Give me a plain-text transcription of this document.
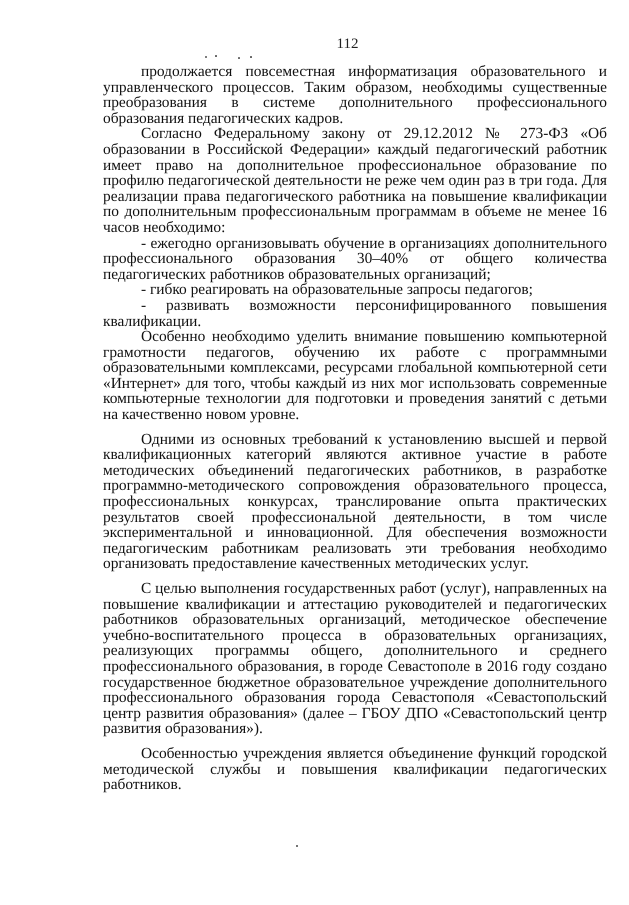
112

продолжается повсеместная информатизация образовательного и управленческого процессов. Таким образом, необходимы существенные преобразования в системе дополнительного профессионального образования педагогических кадров.

Согласно Федеральному закону от 29.12.2012 № 273-ФЗ «Об образовании в Российской Федерации» каждый педагогический работник имеет право на дополнительное профессиональное образование по профилю педагогической деятельности не реже чем один раз в три года. Для реализации права педагогического работника на повышение квалификации по дополнительным профессиональным программам в объеме не менее 16 часов необходимо:

- ежегодно организовывать обучение в организациях дополнительного профессионального образования 30–40% от общего количества педагогических работников образовательных организаций;

- гибко реагировать на образовательные запросы педагогов;

- развивать возможности персонифицированного повышения квалификации.

Особенно необходимо уделить внимание повышению компьютерной грамотности педагогов, обучению их работе с программными образовательными комплексами, ресурсами глобальной компьютерной сети «Интернет» для того, чтобы каждый из них мог использовать современные компьютерные технологии для подготовки и проведения занятий с детьми на качественно новом уровне.

Одними из основных требований к установлению высшей и первой квалификационных категорий являются активное участие в работе методических объединений педагогических работников, в разработке программно-методического сопровождения образовательного процесса, профессиональных конкурсах, транслирование опыта практических результатов своей профессиональной деятельности, в том числе экспериментальной и инновационной. Для обеспечения возможности педагогическим работникам реализовать эти требования необходимо организовать предоставление качественных методических услуг.

С целью выполнения государственных работ (услуг), направленных на повышение квалификации и аттестацию руководителей и педагогических работников образовательных организаций, методическое обеспечение учебно-воспитательного процесса в образовательных организациях, реализующих программы общего, дополнительного и среднего профессионального образования, в городе Севастополе в 2016 году создано государственное бюджетное образовательное учреждение дополнительного профессионального образования города Севастополя «Севастопольский центр развития образования» (далее – ГБОУ ДПО «Севастопольский центр развития образования»).

Особенностью учреждения является объединение функций городской методической службы и повышения квалификации педагогических работников.
